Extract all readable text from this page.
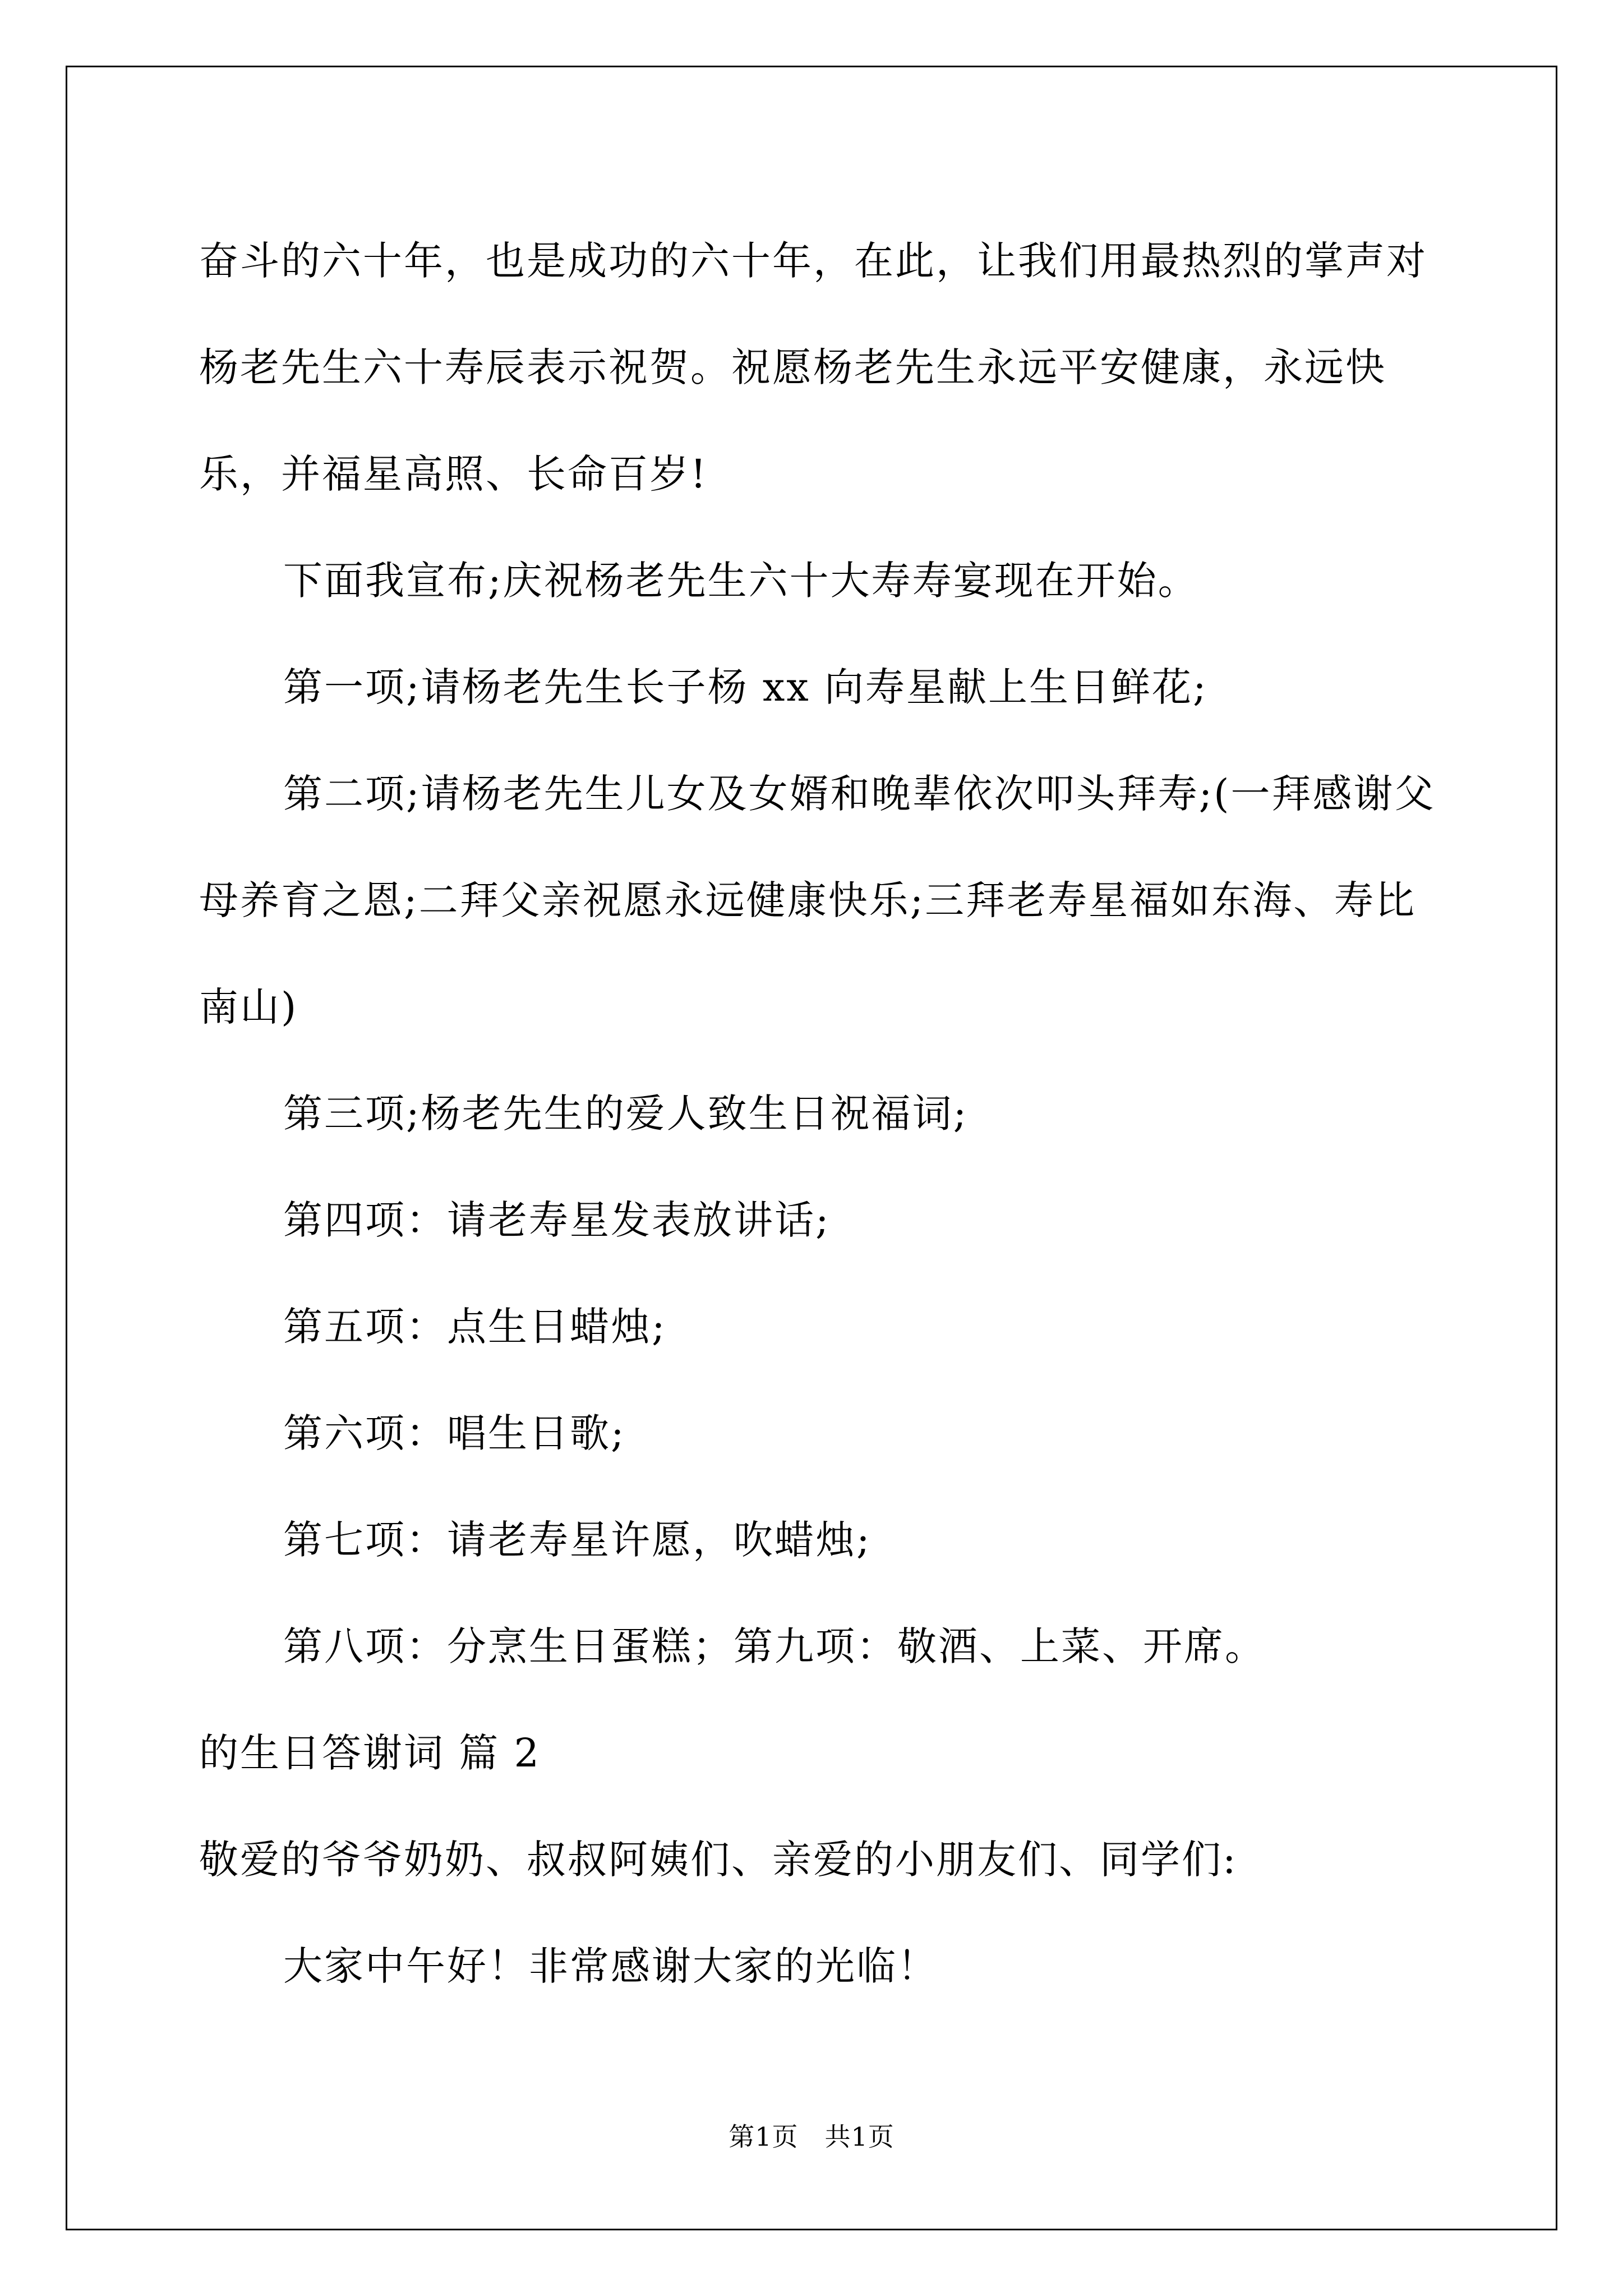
奋斗的六十年，也是成功的六十年，在此，让我们用最热烈的掌声对杨老先生六十寿辰表示祝贺。祝愿杨老先生永远平安健康，永远快乐，并福星高照、长命百岁!

下面我宣布;庆祝杨老先生六十大寿寿宴现在开始。

第一项;请杨老先生长子杨 xx 向寿星献上生日鲜花;

第二项;请杨老先生儿女及女婿和晚辈依次叩头拜寿;(一拜感谢父母养育之恩;二拜父亲祝愿永远健康快乐;三拜老寿星福如东海、寿比南山)

第三项;杨老先生的爱人致生日祝福词;

第四项：请老寿星发表放讲话;

第五项：点生日蜡烛;

第六项：唱生日歌;

第七项：请老寿星许愿，吹蜡烛;

第八项：分烹生日蛋糕；第九项：敬酒、上菜、开席。

的生日答谢词 篇 2

敬爱的爷爷奶奶、叔叔阿姨们、亲爱的小朋友们、同学们:

大家中午好！非常感谢大家的光临！

第1页　共1页
